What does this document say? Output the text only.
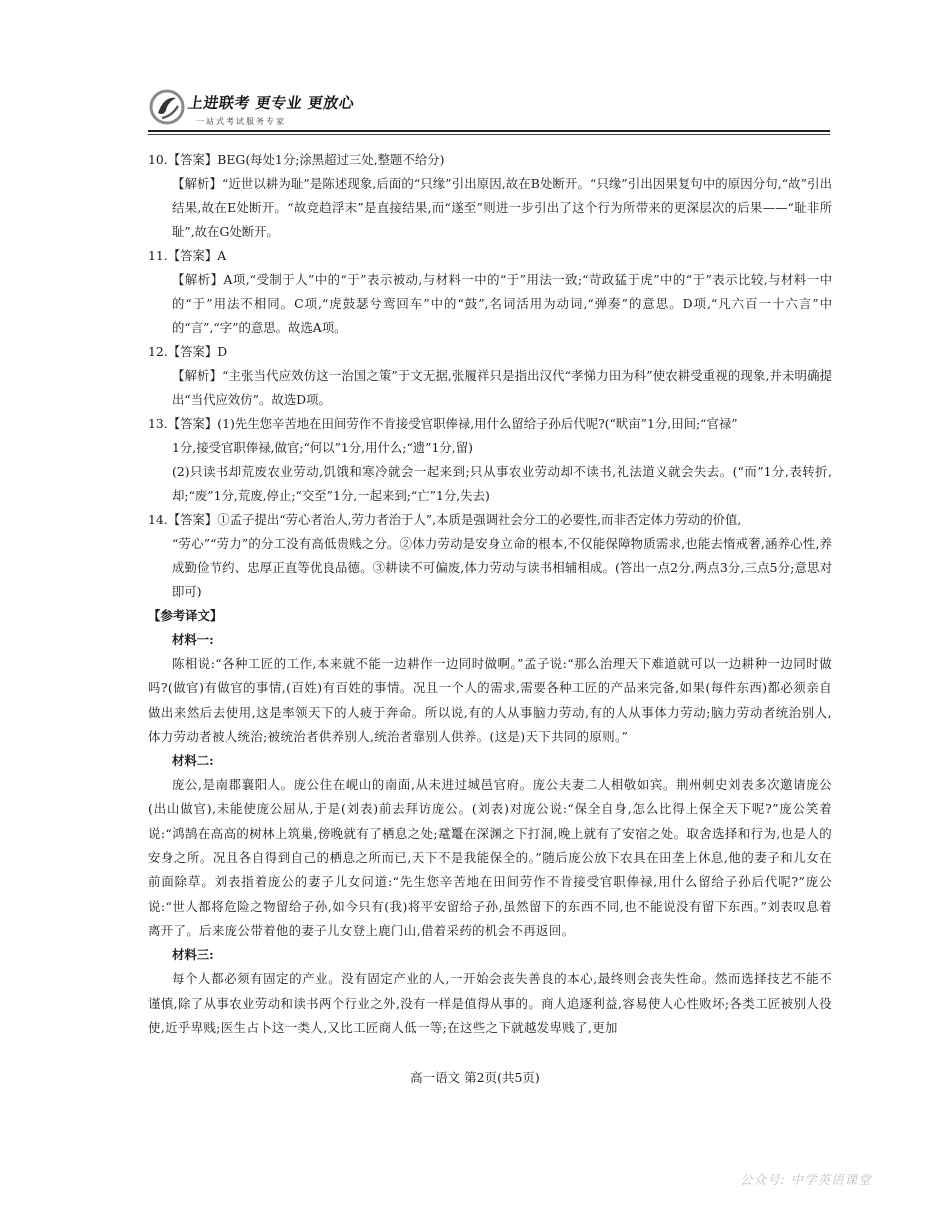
上进联考 更专业 更放心
一站式考试服务专家
10.【答案】BEG(每处1分;涂黑超过三处,整题不给分)
【解析】“近世以耕为耻”是陈述现象,后面的“只缘”引出原因,故在B处断开。“只缘”引出因果复句中的原因分句,“故”引出结果,故在E处断开。“故竞趋浮末”是直接结果,而“遂至”则进一步引出了这个行为所带来的更深层次的后果——“耻非所耻”,故在G处断开。
11.【答案】A
【解析】A项,“受制于人”中的“于”表示被动,与材料一中的“于”用法一致;“苛政猛于虎”中的“于”表示比较,与材料一中的“于”用法不相同。C项,“虎鼓瑟兮鸾回车”中的“鼓”,名词活用为动词,“弹奏”的意思。D项,“凡六百一十六言”中的“言”,“字”的意思。故选A项。
12.【答案】D
【解析】“主张当代应效仿这一治国之策”于文无据,张履祥只是指出汉代“孝悌力田为科”使农耕受重视的现象,并未明确提出“当代应效仿”。故选D项。
13.【答案】(1)先生您辛苦地在田间劳作不肯接受官职俸禄,用什么留给子孙后代呢?(“畎亩”1分,田间;“官禄”
1分,接受官职俸禄,做官;“何以”1分,用什么;“遗”1分,留)
(2)只读书却荒废农业劳动,饥饿和寒冷就会一起来到;只从事农业劳动却不读书,礼法道义就会失去。(“而”1分,表转折,却;“废”1分,荒废,停止;“交至”1分,一起来到;“亡”1分,失去)
14.【答案】①孟子提出“劳心者治人,劳力者治于人”,本质是强调社会分工的必要性,而非否定体力劳动的价值,
“劳心”“劳力”的分工没有高低贵贱之分。②体力劳动是安身立命的根本,不仅能保障物质需求,也能去惰戒奢,涵养心性,养成勤俭节约、忠厚正直等优良品德。③耕读不可偏废,体力劳动与读书相辅相成。(答出一点2分,两点3分,三点5分;意思对即可)
【参考译文】
材料一:
陈相说:“各种工匠的工作,本来就不能一边耕作一边同时做啊。”孟子说:“那么治理天下难道就可以一边耕种一边同时做吗?(做官)有做官的事情,(百姓)有百姓的事情。况且一个人的需求,需要各种工匠的产品来完备,如果(每件东西)都必须亲自做出来然后去使用,这是率领天下的人疲于奔命。所以说,有的人从事脑力劳动,有的人从事体力劳动;脑力劳动者统治别人,体力劳动者被人统治;被统治者供养别人,统治者靠别人供养。(这是)天下共同的原则。”
材料二:
庞公,是南郡襄阳人。庞公住在岘山的南面,从未进过城邑官府。庞公夫妻二人相敬如宾。荆州刺史刘表多次邀请庞公(出山做官),未能使庞公屈从,于是(刘表)前去拜访庞公。(刘表)对庞公说:“保全自身,怎么比得上保全天下呢?”庞公笑着说:“鸿鹄在高高的树林上筑巢,傍晚就有了栖息之处;鼋鼍在深渊之下打洞,晚上就有了安宿之处。取舍选择和行为,也是人的安身之所。况且各自得到自己的栖息之所而已,天下不是我能保全的。”随后庞公放下农具在田垄上休息,他的妻子和儿女在前面除草。刘表指着庞公的妻子儿女问道:“先生您辛苦地在田间劳作不肯接受官职俸禄,用什么留给子孙后代呢?”庞公说:“世人都将危险之物留给子孙,如今只有(我)将平安留给子孙,虽然留下的东西不同,也不能说没有留下东西。”刘表叹息着离开了。后来庞公带着他的妻子儿女登上鹿门山,借着采药的机会不再返回。
材料三:
每个人都必须有固定的产业。没有固定产业的人,一开始会丧失善良的本心,最终则会丧失性命。然而选择技艺不能不谨慎,除了从事农业劳动和读书两个行业之外,没有一样是值得从事的。商人追逐利益,容易使人心性败坏;各类工匠被别人役使,近乎卑贱;医生占卜这一类人,又比工匠商人低一等;在这些之下就越发卑贱了,更加
高一语文 第2页(共5页)
公众号: 中学英语课堂
